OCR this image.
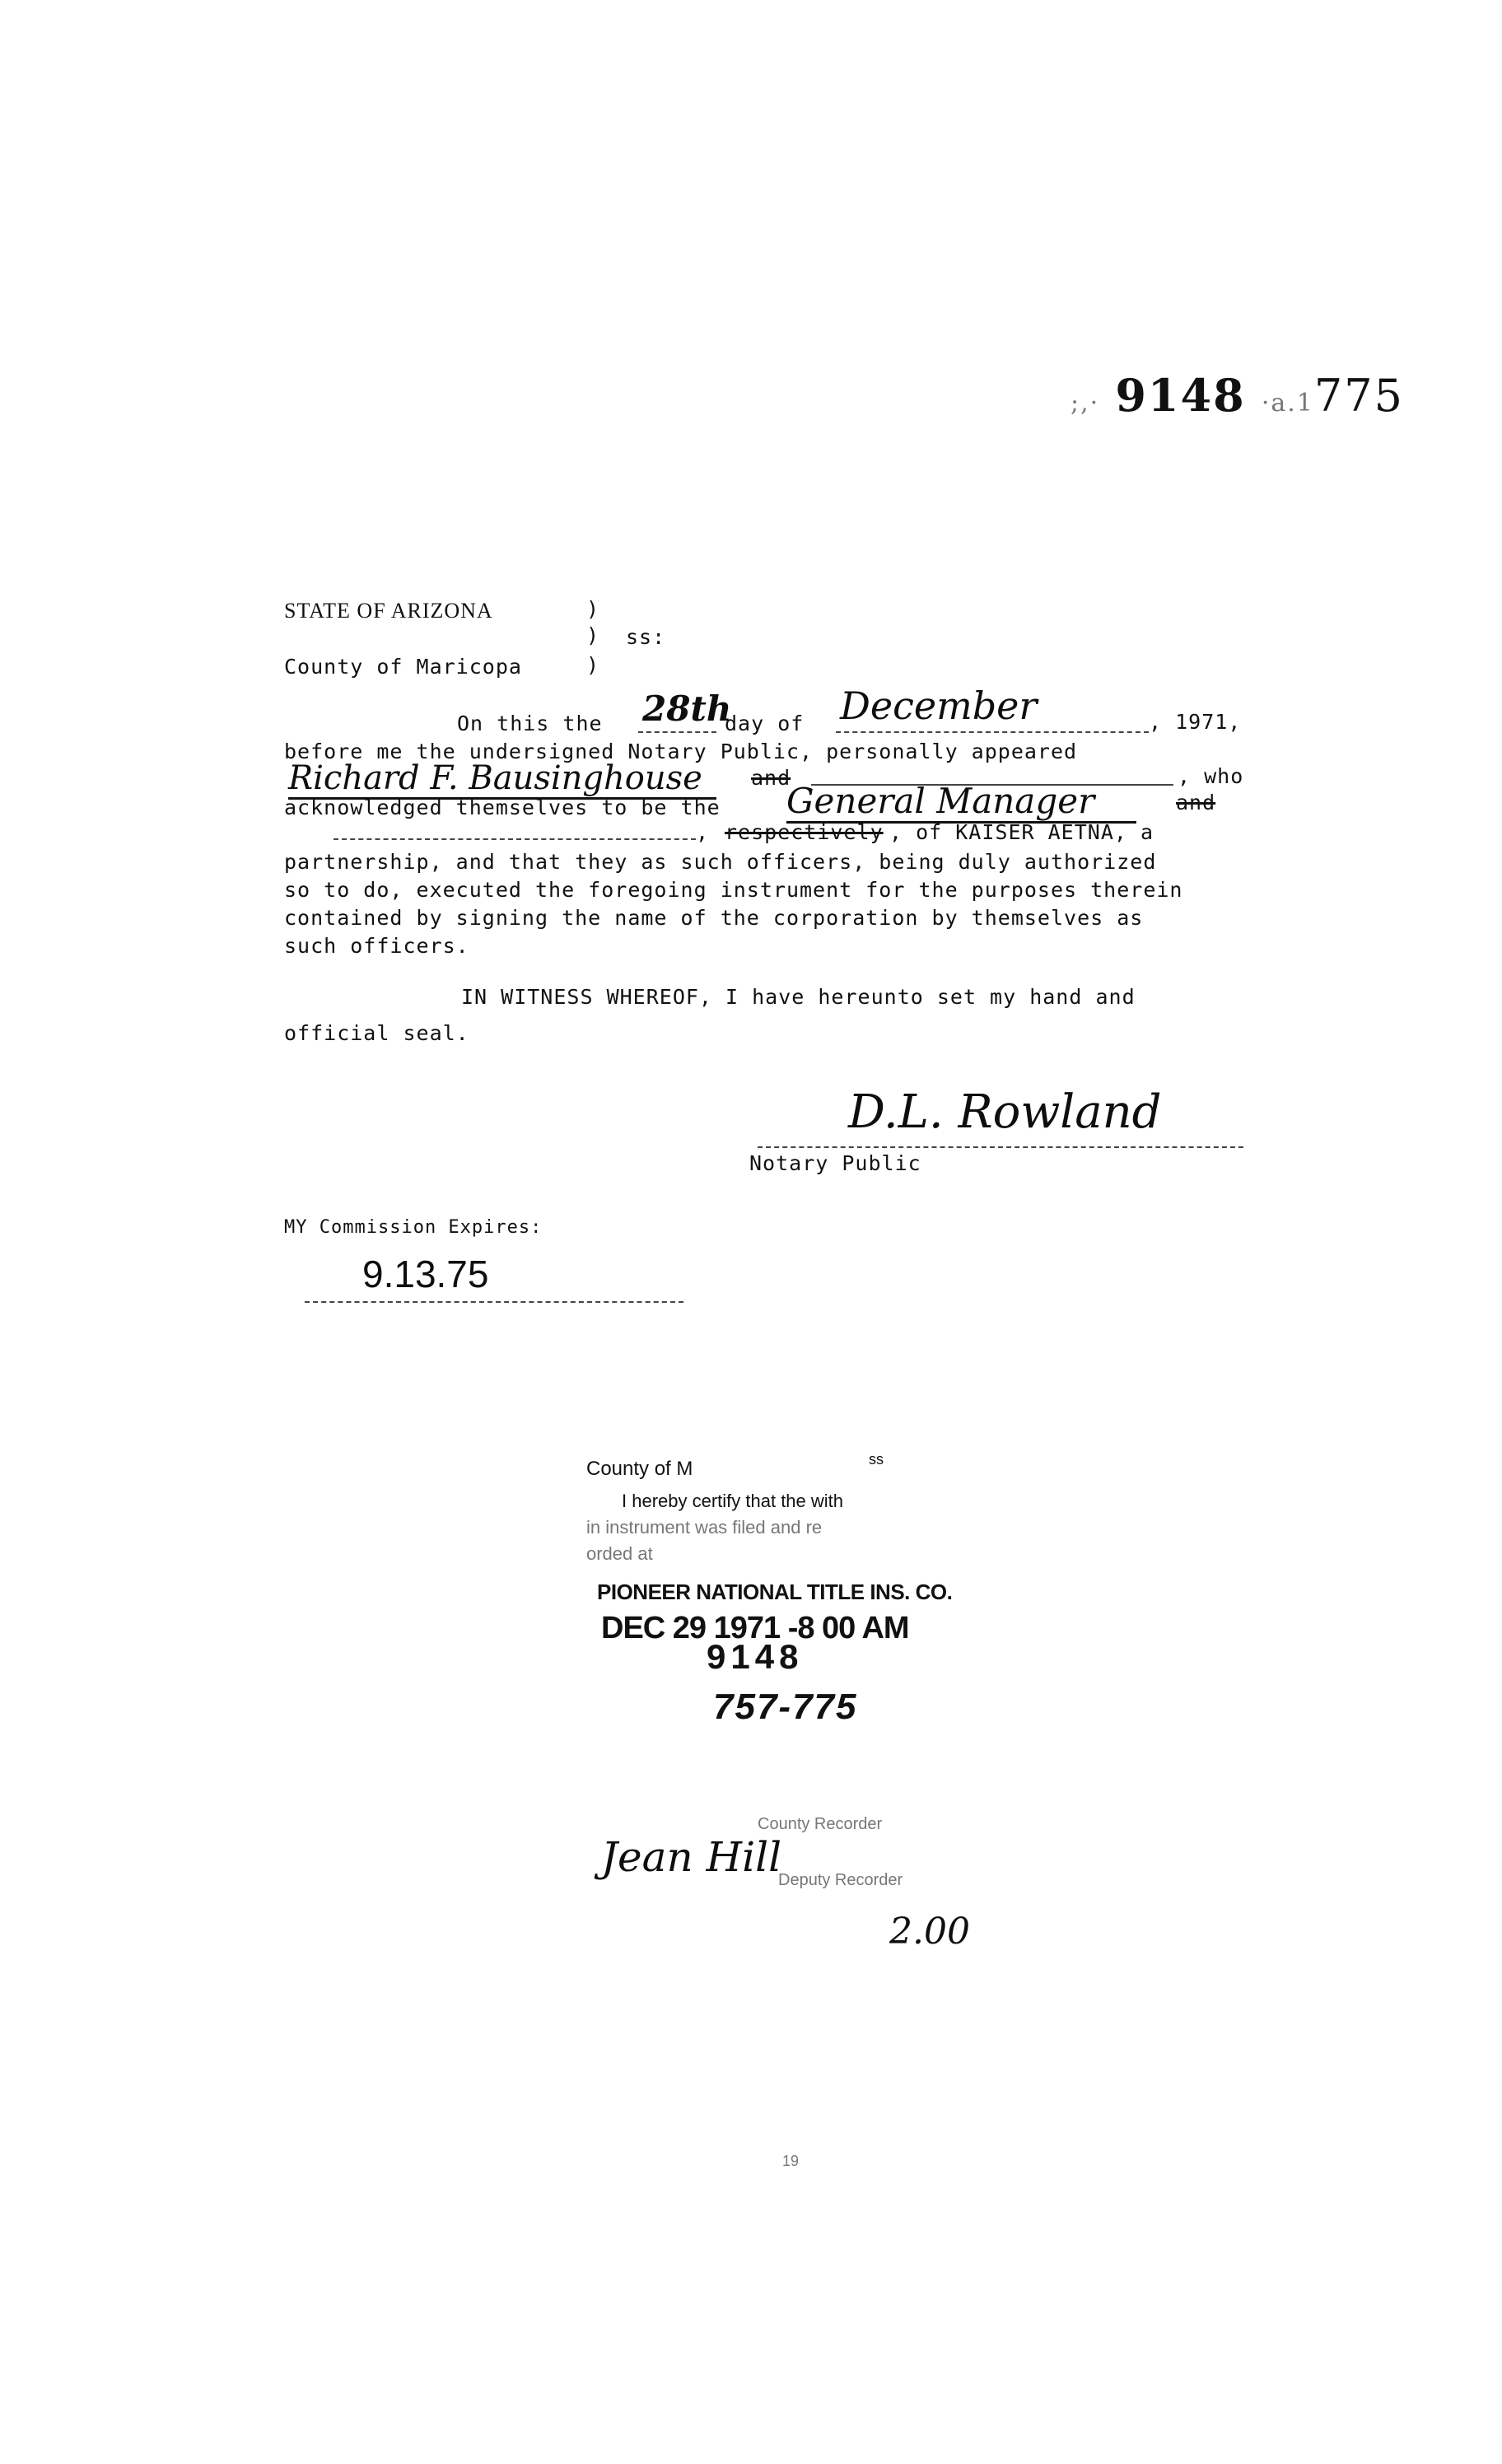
;,· 9148 ·a.1775
STATE OF ARIZONA	)
) ss:
County of Maricopa	)
On this the 28th
day of December	, 1971,
before me the undersigned Notary Public, personally appeared
Richard F. Bausinghouse	and	, who
acknowledged themselves to be the General Manager	and
, respectively , of KAISER AETNA, a
partnership, and that they as such officers, being duly authorized
so to do, executed the foregoing instrument for the purposes therein
contained by signing the name of the corporation by themselves as
such officers.
IN WITNESS WHEREOF, I have hereunto set my hand and
official seal.
D.L. Rowland
Notary Public
MY Commission Expires:
9.13.75
County of M	ss
I hereby certify that the with
in instrument was filed and re
orded at
PIONEER NATIONAL TITLE INS. CO.
DEC 29 1971 -8 00 AM
9148
757-775
County Recorder
Jean Hill
Deputy Recorder
2.00
19
